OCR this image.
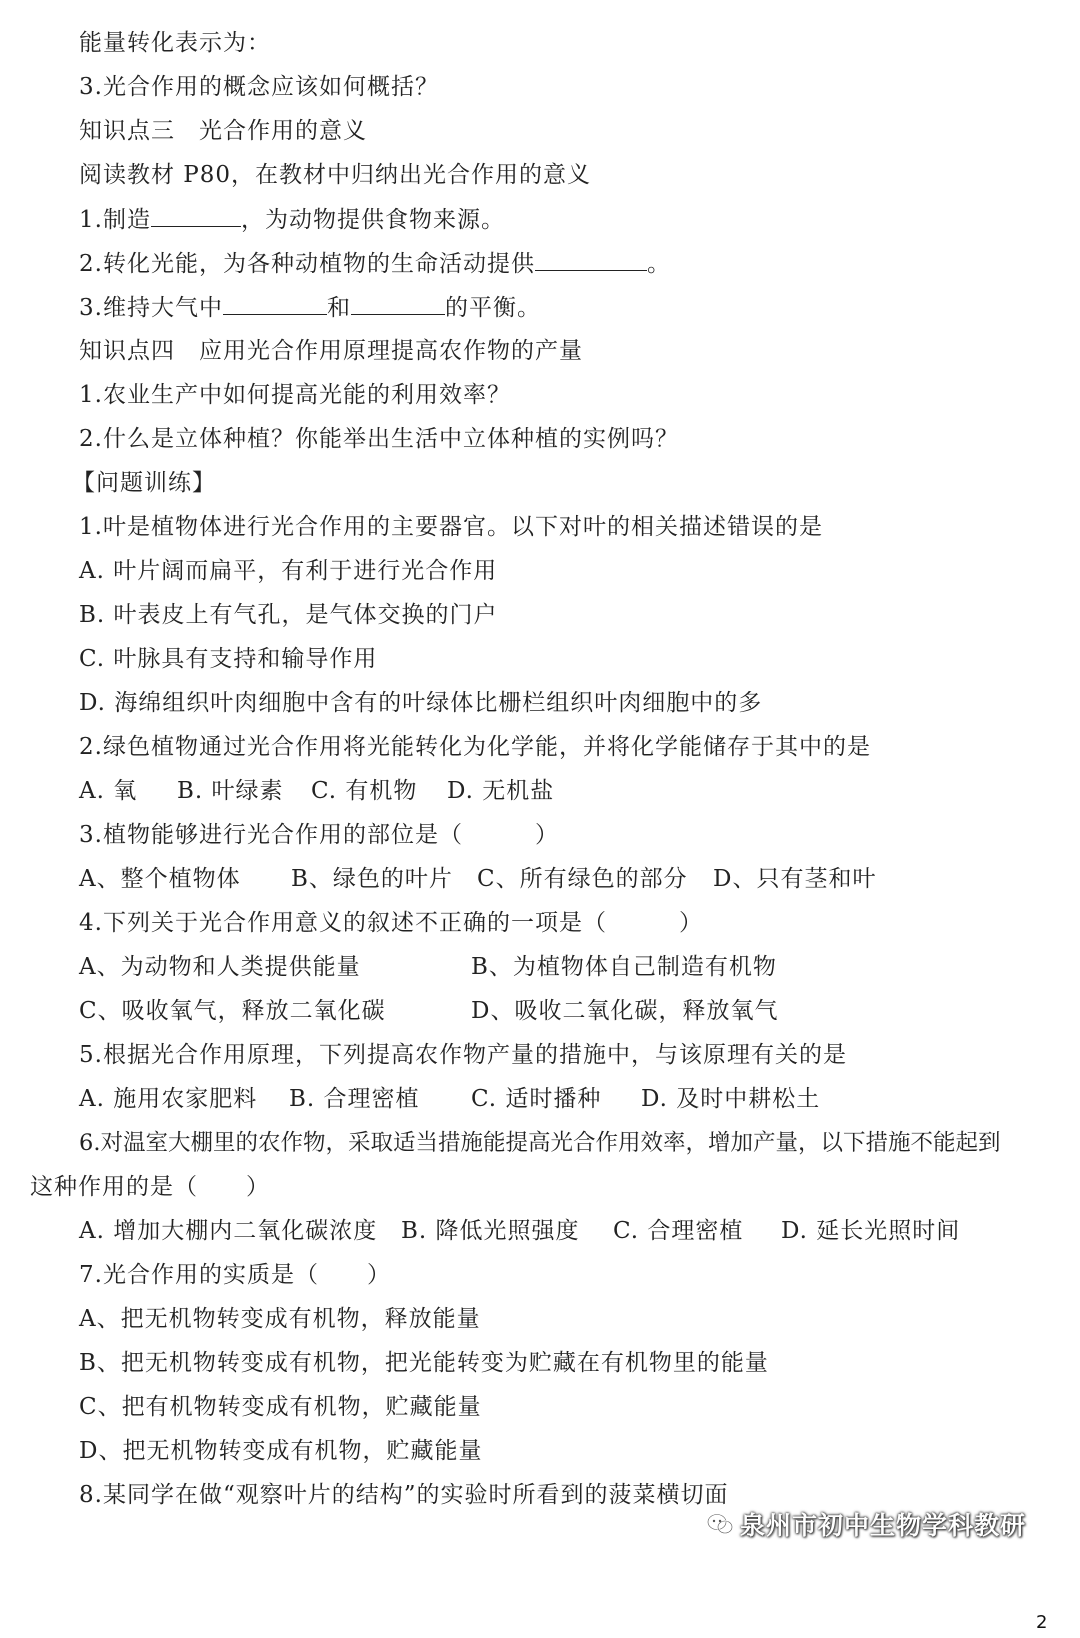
能量转化表示为：
3.光合作用的概念应该如何概括？
知识点三　光合作用的意义
阅读教材 P80，在教材中归纳出光合作用的意义
1.制造	，为动物提供食物来源。
2.转化光能，为各种动植物的生命活动提供	。
3.维持大气中	和	的平衡。
知识点四　应用光合作用原理提高农作物的产量
1.农业生产中如何提高光能的利用效率？
2.什么是立体种植？你能举出生活中立体种植的实例吗？
【问题训练】
1.叶是植物体进行光合作用的主要器官。以下对叶的相关描述错误的是
A. 叶片阔而扁平，有利于进行光合作用
B. 叶表皮上有气孔，是气体交换的门户
C. 叶脉具有支持和输导作用
D. 海绵组织叶肉细胞中含有的叶绿体比栅栏组织叶肉细胞中的多
2.绿色植物通过光合作用将光能转化为化学能，并将化学能储存于其中的是
A. 氧 B. 叶绿素 C. 有机物 D. 无机盐
3.植物能够进行光合作用的部位是（　　　）
A、整个植物体 B、绿色的叶片 C、所有绿色的部分 D、只有茎和叶
4.下列关于光合作用意义的叙述不正确的一项是（　　　）
A、为动物和人类提供能量	B、为植物体自己制造有机物
C、吸收氧气，释放二氧化碳	D、吸收二氧化碳，释放氧气
5.根据光合作用原理，下列提高农作物产量的措施中，与该原理有关的是
A. 施用农家肥料 B. 合理密植 C. 适时播种 D. 及时中耕松土
6.对温室大棚里的农作物，采取适当措施能提高光合作用效率，增加产量，以下措施不能起到
这种作用的是（　　）
A. 增加大棚内二氧化碳浓度 B. 降低光照强度 C. 合理密植 D. 延长光照时间
7.光合作用的实质是（　　）
A、把无机物转变成有机物，释放能量
B、把无机物转变成有机物，把光能转变为贮藏在有机物里的能量
C、把有机物转变成有机物，贮藏能量
D、把无机物转变成有机物，贮藏能量
8.某同学在做“观察叶片的结构”的实验时所看到的菠菜横切面
泉州市初中生物学科教研
2
